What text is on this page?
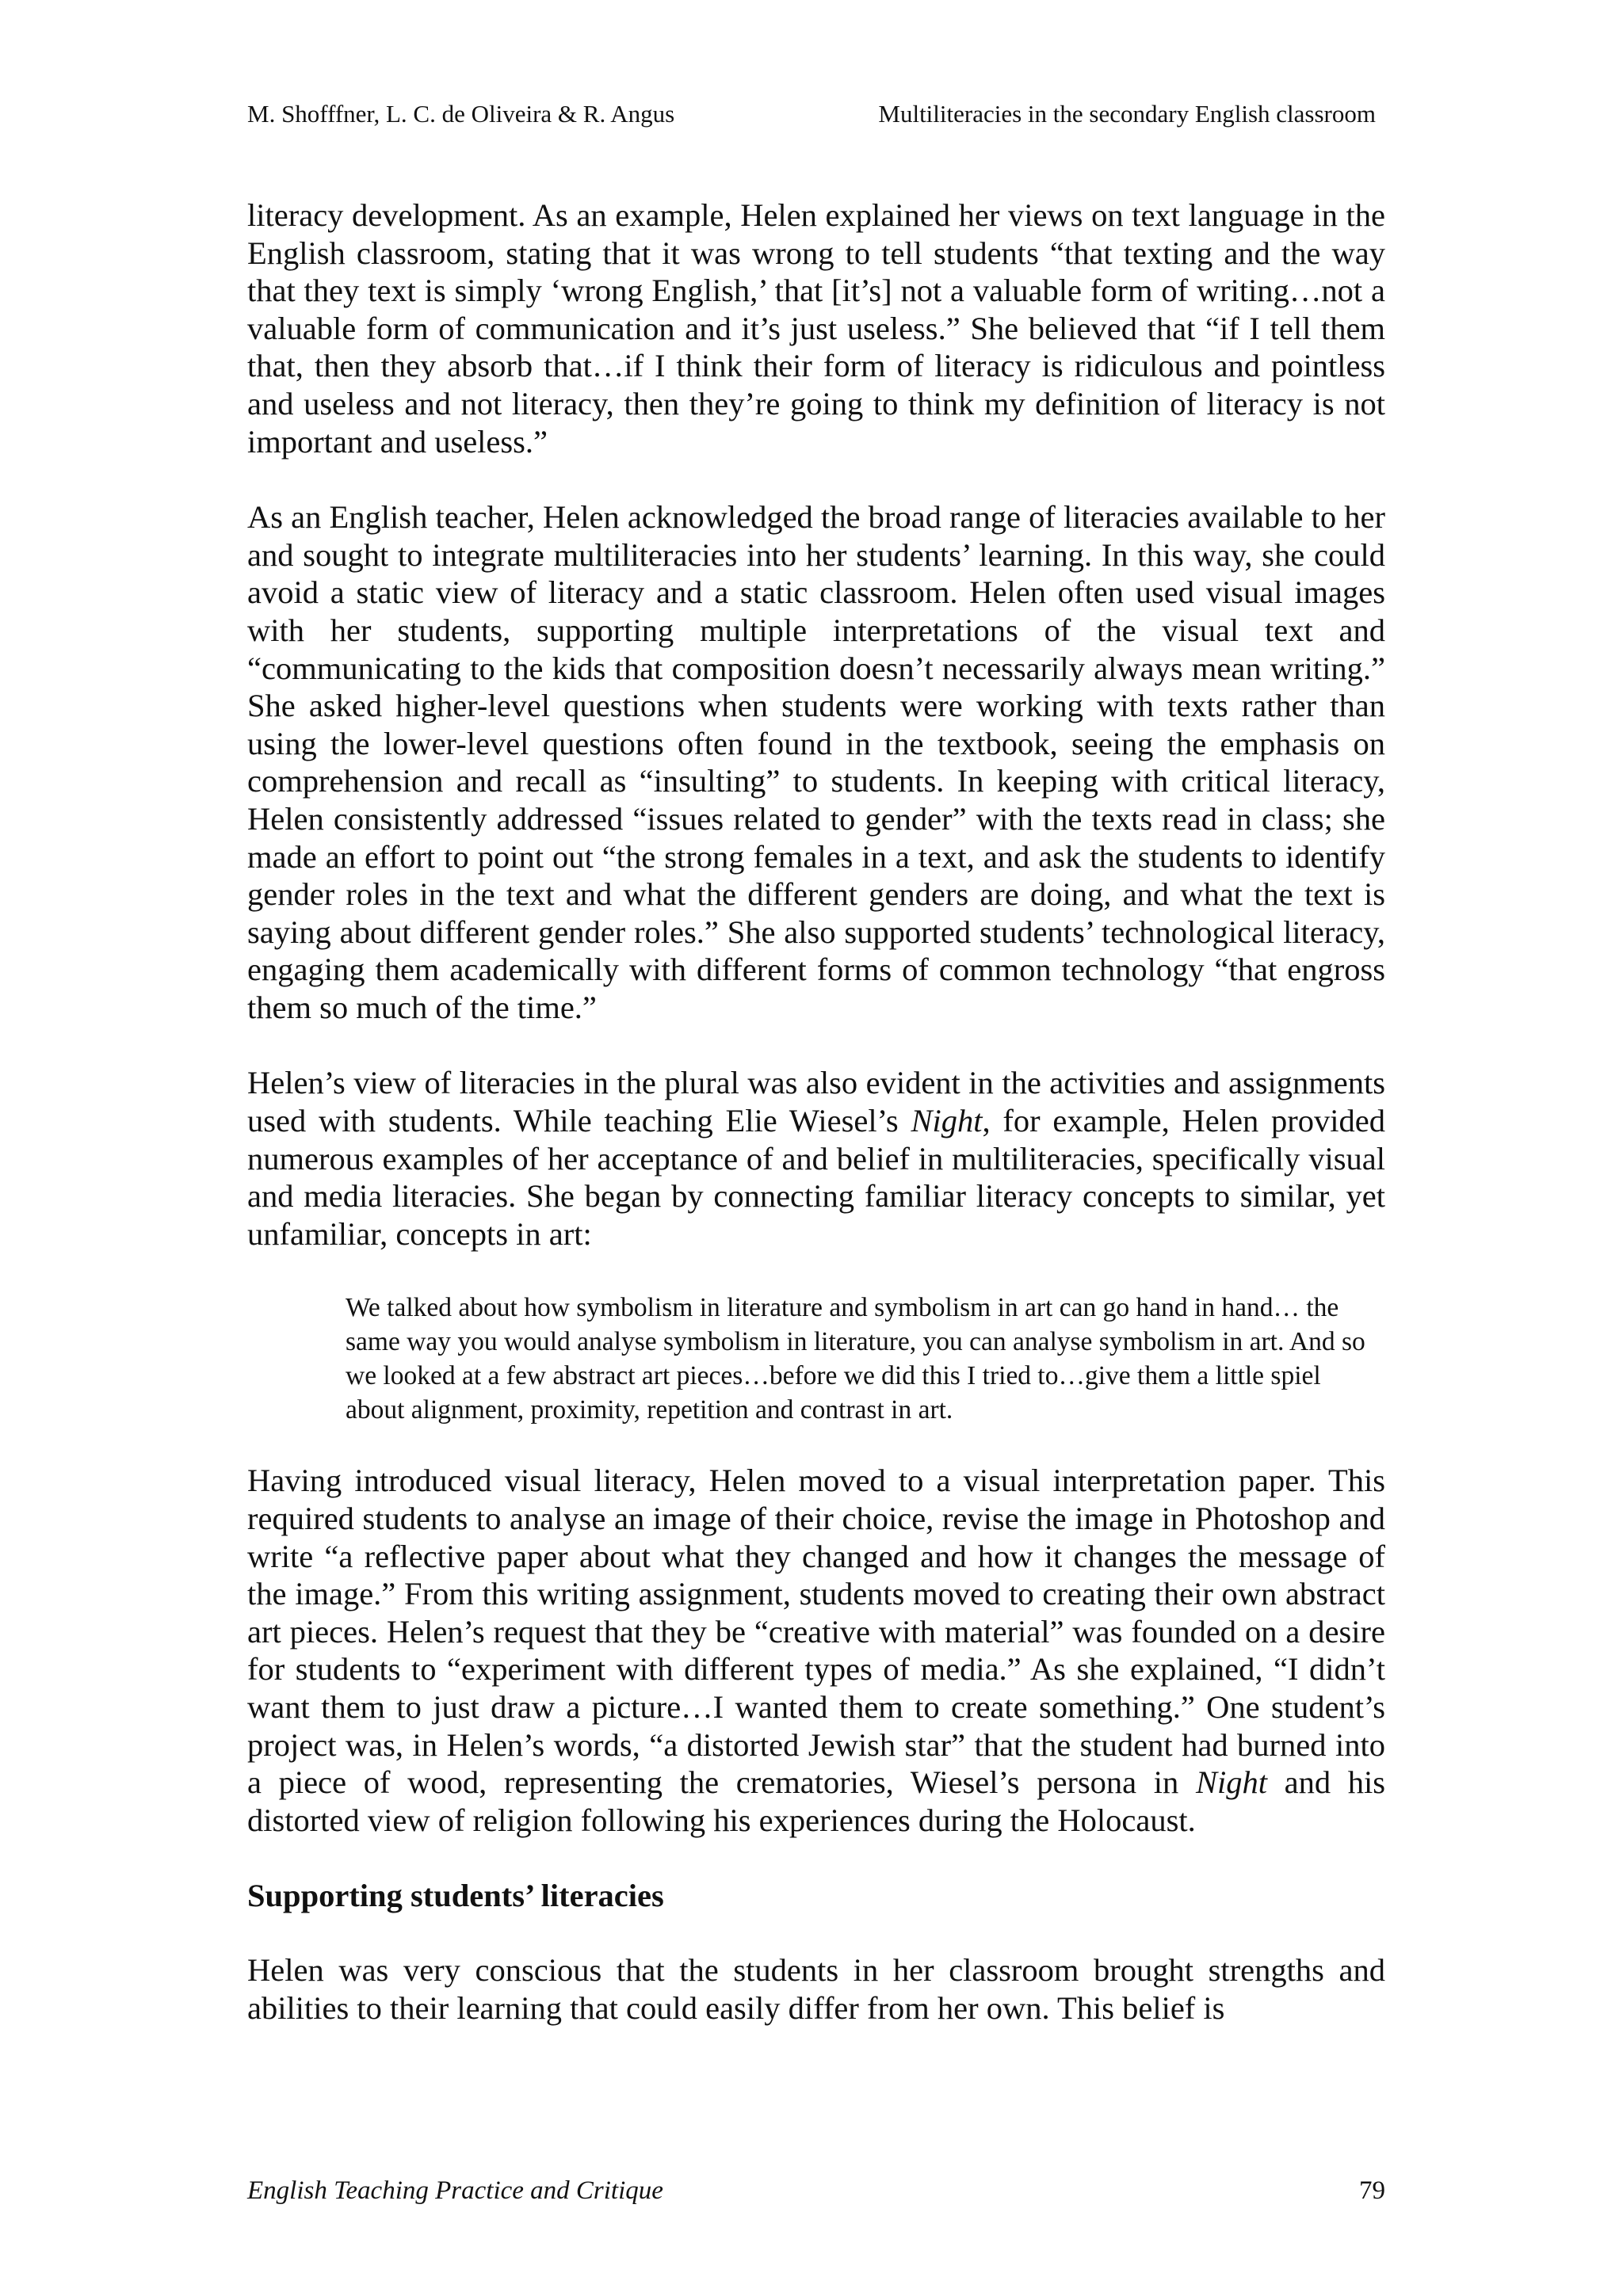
M. Shofffner, L. C. de Oliveira & R. Angus	Multiliteracies in the secondary English classroom

literacy development. As an example, Helen explained her views on text language in the English classroom, stating that it was wrong to tell students “that texting and the way that they text is simply ‘wrong English,’ that [it’s] not a valuable form of writing…not a valuable form of communication and it’s just useless.” She believed that “if I tell them that, then they absorb that…if I think their form of literacy is ridiculous and pointless and useless and not literacy, then they’re going to think my definition of literacy is not important and useless.”

As an English teacher, Helen acknowledged the broad range of literacies available to her and sought to integrate multiliteracies into her students’ learning. In this way, she could avoid a static view of literacy and a static classroom. Helen often used visual images with her students, supporting multiple interpretations of the visual text and “communicating to the kids that composition doesn’t necessarily always mean writing.” She asked higher-level questions when students were working with texts rather than using the lower-level questions often found in the textbook, seeing the emphasis on comprehension and recall as “insulting” to students. In keeping with critical literacy, Helen consistently addressed “issues related to gender” with the texts read in class; she made an effort to point out “the strong females in a text, and ask the students to identify gender roles in the text and what the different genders are doing, and what the text is saying about different gender roles.” She also supported students’ technological literacy, engaging them academically with different forms of common technology “that engross them so much of the time.”

Helen’s view of literacies in the plural was also evident in the activities and assignments used with students. While teaching Elie Wiesel’s Night, for example, Helen provided numerous examples of her acceptance of and belief in multiliteracies, specifically visual and media literacies. She began by connecting familiar literacy concepts to similar, yet unfamiliar, concepts in art:

We talked about how symbolism in literature and symbolism in art can go hand in hand… the same way you would analyse symbolism in literature, you can analyse symbolism in art. And so we looked at a few abstract art pieces…before we did this I tried to…give them a little spiel about alignment, proximity, repetition and contrast in art.

Having introduced visual literacy, Helen moved to a visual interpretation paper. This required students to analyse an image of their choice, revise the image in Photoshop and write “a reflective paper about what they changed and how it changes the message of the image.” From this writing assignment, students moved to creating their own abstract art pieces. Helen’s request that they be “creative with material” was founded on a desire for students to “experiment with different types of media.” As she explained, “I didn’t want them to just draw a picture…I wanted them to create something.” One student’s project was, in Helen’s words, “a distorted Jewish star” that the student had burned into a piece of wood, representing the crematories, Wiesel’s persona in Night and his distorted view of religion following his experiences during the Holocaust.

Supporting students’ literacies

Helen was very conscious that the students in her classroom brought strengths and abilities to their learning that could easily differ from her own. This belief is

English Teaching Practice and Critique	79
